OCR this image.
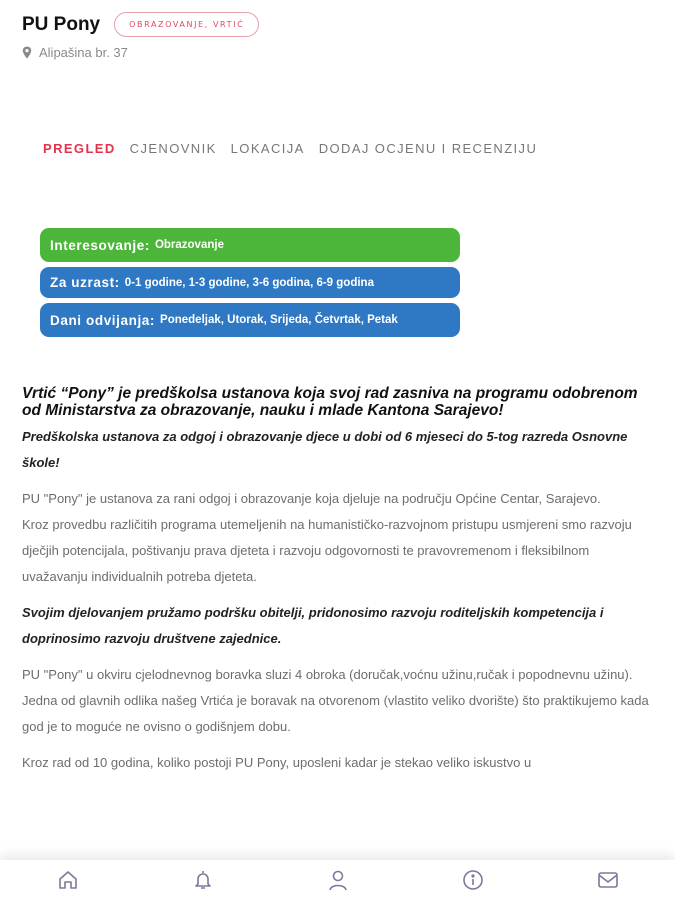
PU Pony	OBRAZOVANJE, VRTIĆ
Alipašina br. 37
PREGLED CJENOVNIK LOKACIJA DODAJ OCJENU I RECENZIJU
Interesovanje: Obrazovanje
Za uzrast: 0-1 godine, 1-3 godine, 3-6 godina, 6-9 godina
Dani odvijanja: Ponedeljak, Utorak, Srijeda, Četvrtak, Petak
Vrtić “Pony” je predškolsa ustanova koja svoj rad zasniva na programu odobrenom od Ministarstva za obrazovanje, nauku i mlade Kantona Sarajevo!
Predškolska ustanova za odgoj i obrazovanje djece u dobi od 6 mjeseci do 5-tog razreda Osnovne škole!
PU "Pony" je ustanova za rani odgoj i obrazovanje koja djeluje na području Općine Centar, Sarajevo.
Kroz provedbu različitih programa utemeljenih na humanističko-razvojnom pristupu usmjereni smo razvoju dječjih potencijala, poštivanju prava djeteta i razvoju odgovornosti te pravovremenom i fleksibilnom uvažavanju individualnih potreba djeteta.
Svojim djelovanjem pružamo podršku obitelji, pridonosimo razvoju roditeljskih kompetencija i doprinosimo razvoju društvene zajednice.
PU "Pony" u okviru cjelodnevnog boravka sluzi 4 obroka (doručak,voćnu užinu,ručak i popodnevnu užinu). Jedna od glavnih odlika našeg Vrtića je boravak na otvorenom (vlastito veliko dvorište) što praktikujemo kada god je to moguće ne ovisno o godišnjem dobu.
Kroz rad od 10 godina, koliko postoji PU Pony, uposleni kadar je stekao veliko iskustvo u
